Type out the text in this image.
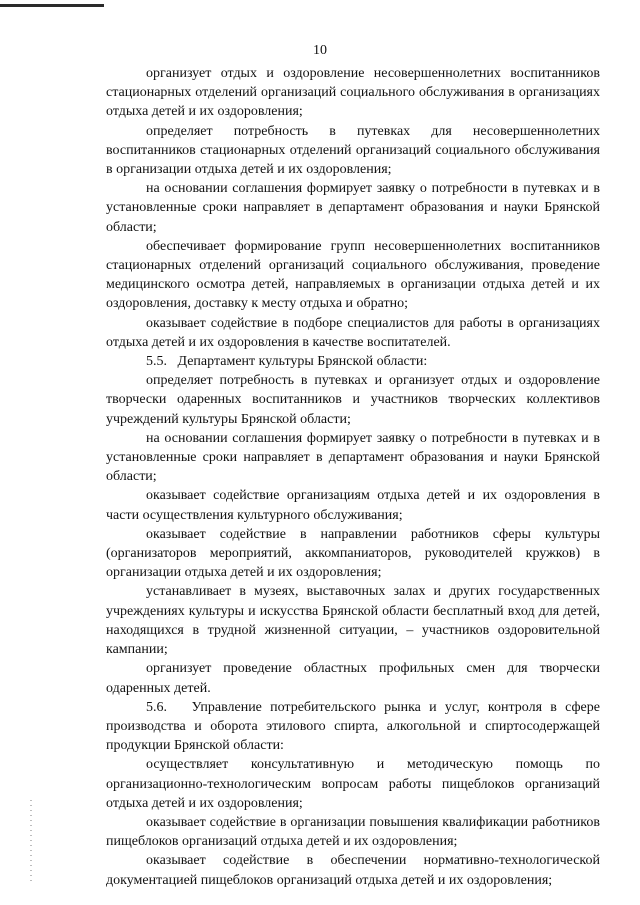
10

организует отдых и оздоровление несовершеннолетних воспитанников стационарных отделений организаций социального обслуживания в организациях отдыха детей и их оздоровления;

определяет потребность в путевках для несовершеннолетних воспитанников стационарных отделений организаций социального обслуживания в организации отдыха детей и их оздоровления;

на основании соглашения формирует заявку о потребности в путевках и в установленные сроки направляет в департамент образования и науки Брянской области;

обеспечивает формирование групп несовершеннолетних воспитанников стационарных отделений организаций социального обслуживания, проведение медицинского осмотра детей, направляемых в организации отдыха детей и их оздоровления, доставку к месту отдыха и обратно;

оказывает содействие в подборе специалистов для работы в организациях отдыха детей и их оздоровления в качестве воспитателей.

5.5.   Департамент культуры Брянской области:

определяет потребность в путевках и организует отдых и оздоровление творчески одаренных воспитанников и участников творческих коллективов учреждений культуры Брянской области;

на основании соглашения формирует заявку о потребности в путевках и в установленные сроки направляет в департамент образования и науки Брянской области;

оказывает содействие организациям отдыха детей и их оздоровления в части осуществления культурного обслуживания;

оказывает содействие в направлении работников сферы культуры (организаторов мероприятий, аккомпаниаторов, руководителей кружков) в организации отдыха детей и их оздоровления;

устанавливает в музеях, выставочных залах и других государственных учреждениях культуры и искусства Брянской области бесплатный вход для детей, находящихся в трудной жизненной ситуации, – участников оздоровительной кампании;

организует проведение областных профильных смен для творчески одаренных детей.

5.6.   Управление потребительского рынка и услуг, контроля в сфере производства и оборота этилового спирта, алкогольной и спиртосодержащей продукции Брянской области:

осуществляет консультативную и методическую помощь по организационно-технологическим вопросам работы пищеблоков организаций отдыха детей и их оздоровления;

оказывает содействие в организации повышения квалификации работников пищеблоков организаций отдыха детей и их оздоровления;

оказывает содействие в обеспечении нормативно-технологической документацией пищеблоков организаций отдыха детей и их оздоровления;
